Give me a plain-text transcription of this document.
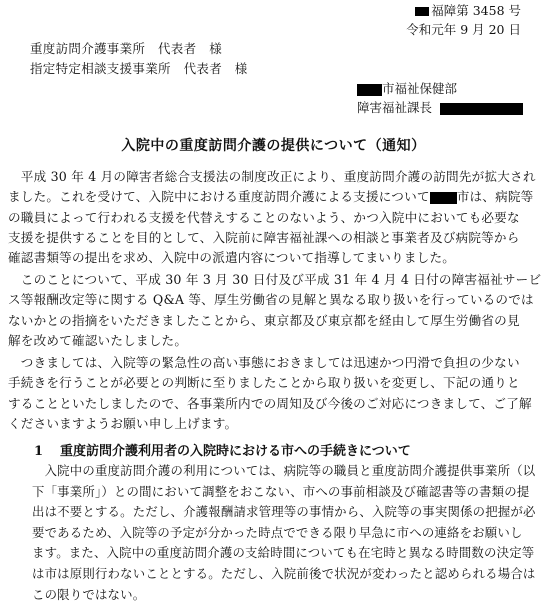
福障第 3458 号
令和元年 9 月 20 日
重度訪問介護事業所　代表者　様
指定特定相談支援事業所　代表者　様
市福祉保健部
障害福祉課長
入院中の重度訪問介護の提供について（通知）

　平成 30 年 4 月の障害者総合支援法の制度改正により、重度訪問介護の訪問先が拡大され

ました。これを受けて、入院中における重度訪問介護による支援について 市は、病院等

の職員によって行われる支援を代替えすることのないよう、かつ入院中においても必要な

支援を提供することを目的として、入院前に障害福祉課への相談と事業者及び病院等から

確認書類等の提出を求め、入院中の派遣内容について指導してまいりました。

　このことについて、平成 30 年 3 月 30 日付及び平成 31 年 4 月 4 日付の障害福祉サービ

ス等報酬改定等に関する Q&A 等、厚生労働省の見解と異なる取り扱いを行っているのでは

ないかとの指摘をいただきましたことから、東京都及び東京都を経由して厚生労働省の見

解を改めて確認いたしました。

　つきましては、入院等の緊急性の高い事態におきましては迅速かつ円滑で負担の少ない

手続きを行うことが必要との判断に至りましたことから取り扱いを変更し、下記の通りと

することといたしましたので、各事業所内での周知及び今後のご対応につきまして、ご了解

くださいますようお願い申し上げます。

1 重度訪問介護利用者の入院時における市への手続きについて

　入院中の重度訪問介護の利用については、病院等の職員と重度訪問介護提供事業所（以

下「事業所」）との間において調整をおこない、市への事前相談及び確認書等の書類の提

出は不要とする。ただし、介護報酬請求管理等の事情から、入院等の事実関係の把握が必

要であるため、入院等の予定が分かった時点でできる限り早急に市への連絡をお願いし

ます。また、入院中の重度訪問介護の支給時間についても在宅時と異なる時間数の決定等

は市は原則行わないこととする。ただし、入院前後で状況が変わったと認められる場合は

この限りではない。
